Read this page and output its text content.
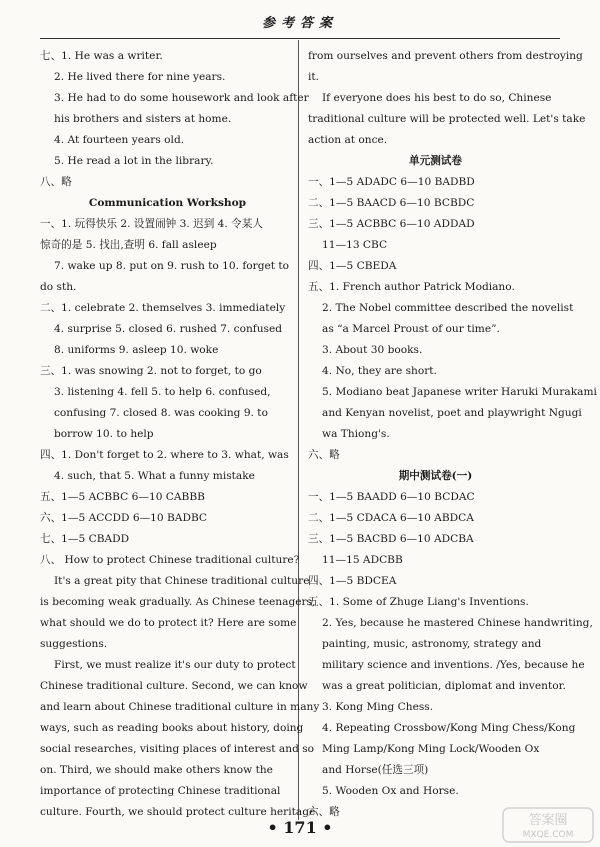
参考答案
七、1. He was a writer.
2. He lived there for nine years.
3. He had to do some housework and look after
his brothers and sisters at home.
4. At fourteen years old.
5. He read a lot in the library.
八、略
Communication Workshop
一、1. 玩得快乐 2. 设置闹钟 3. 迟到 4. 令某人
惊奇的是 5. 找出,查明 6. fall asleep
7. wake up 8. put on 9. rush to 10. forget to
do sth.
二、1. celebrate 2. themselves 3. immediately
4. surprise 5. closed 6. rushed 7. confused
8. uniforms 9. asleep 10. woke
三、1. was snowing 2. not to forget, to go
3. listening 4. fell 5. to help 6. confused,
confusing 7. closed 8. was cooking 9. to
borrow 10. to help
四、1. Don't forget to 2. where to 3. what, was
4. such, that 5. What a funny mistake
五、1—5 ACBBC 6—10 CABBB
六、1—5 ACCDD 6—10 BADBC
七、1—5 CBADD
八、 How to protect Chinese traditional culture?
It's a great pity that Chinese traditional culture
is becoming weak gradually. As Chinese teenagers,
what should we do to protect it? Here are some
suggestions.
First, we must realize it's our duty to protect
Chinese traditional culture. Second, we can know
and learn about Chinese traditional culture in many
ways, such as reading books about history, doing
social researches, visiting places of interest and so
on. Third, we should make others know the
importance of protecting Chinese traditional
culture. Fourth, we should protect culture heritage
from ourselves and prevent others from destroying
it.
If everyone does his best to do so, Chinese
traditional culture will be protected well. Let's take
action at once.
单元测试卷
一、1—5 ADADC 6—10 BADBD
二、1—5 BAACD 6—10 BCBDC
三、1—5 ACBBC 6—10 ADDAD
11—13 CBC
四、1—5 CBEDA
五、1. French author Patrick Modiano.
2. The Nobel committee described the novelist
as “a Marcel Proust of our time”.
3. About 30 books.
4. No, they are short.
5. Modiano beat Japanese writer Haruki Murakami
and Kenyan novelist, poet and playwright Ngugi
wa Thiong's.
六、略
期中测试卷(一)
一、1—5 BAADD 6—10 BCDAC
二、1—5 CDACA 6—10 ABDCA
三、1—5 BACBD 6—10 ADCBA
11—15 ADCBB
四、1—5 BDCEA
五、1. Some of Zhuge Liang's Inventions.
2. Yes, because he mastered Chinese handwriting,
painting, music, astronomy, strategy and
military science and inventions. /Yes, because he
was a great politician, diplomat and inventor.
3. Kong Ming Chess.
4. Repeating Crossbow/Kong Ming Chess/Kong
Ming Lamp/Kong Ming Lock/Wooden Ox
and Horse(任选三项)
5. Wooden Ox and Horse.
六、略
• 171 •	答案圈
MXQE.COM
